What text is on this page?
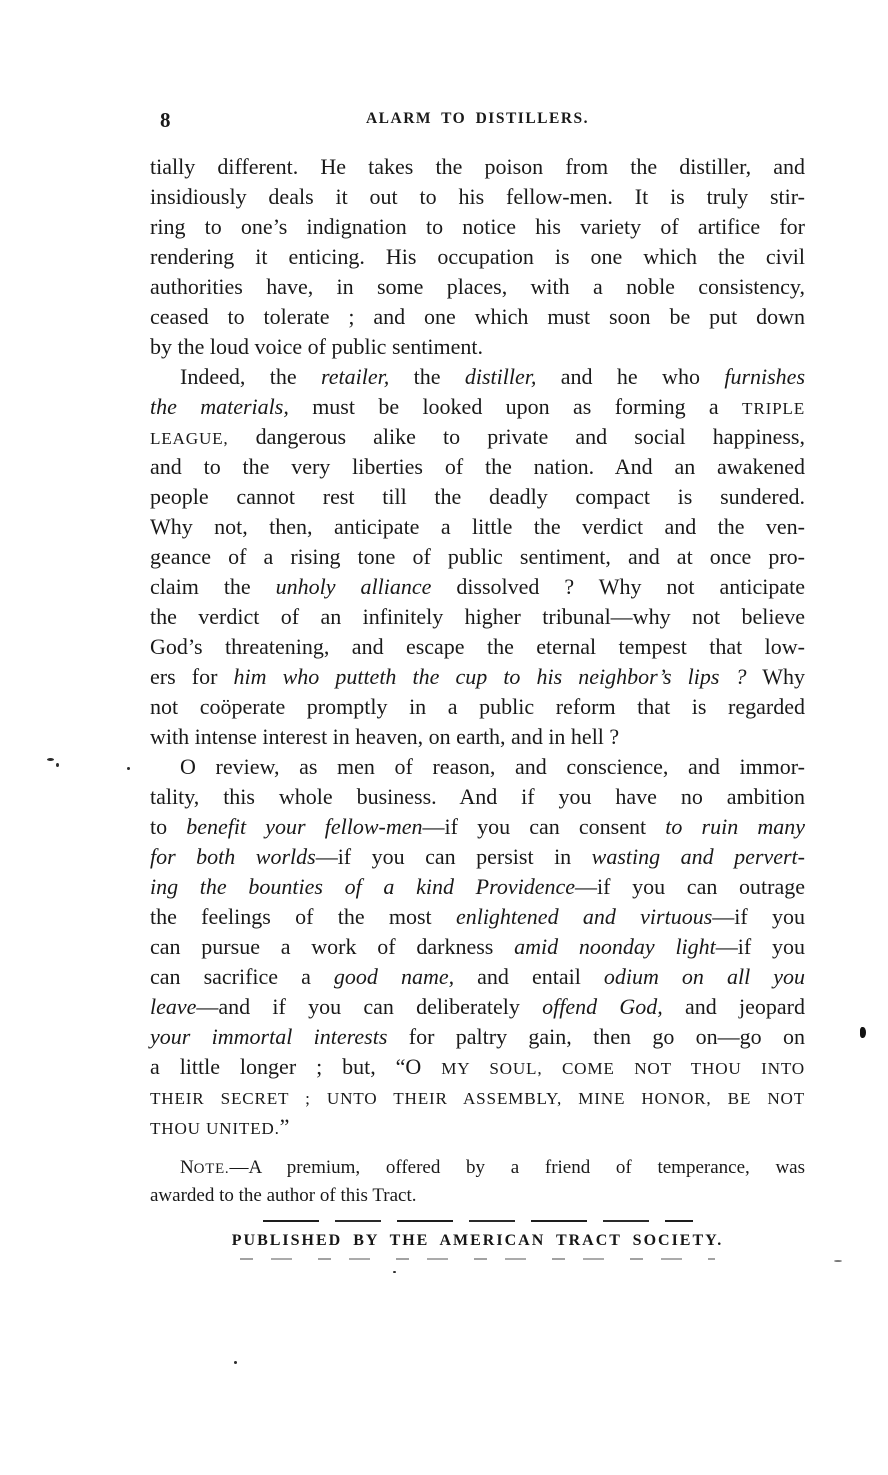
8	ALARM TO DISTILLERS.
tially different. He takes the poison from the distiller, and
insidiously deals it out to his fellow-men. It is truly stir-
ring to one’s indignation to notice his variety of artifice for
rendering it enticing. His occupation is one which the civil
authorities have, in some places, with a noble consistency,
ceased to tolerate ; and one which must soon be put down
by the loud voice of public sentiment.
Indeed, the retailer, the distiller, and he who furnishes
the materials, must be looked upon as forming a TRIPLE
LEAGUE, dangerous alike to private and social happiness,
and to the very liberties of the nation. And an awakened
people cannot rest till the deadly compact is sundered.
Why not, then, anticipate a little the verdict and the ven-
geance of a rising tone of public sentiment, and at once pro-
claim the unholy alliance dissolved ? Why not anticipate
the verdict of an infinitely higher tribunal—why not believe
God’s threatening, and escape the eternal tempest that low-
ers for him who putteth the cup to his neighbor’s lips ? Why
not coöperate promptly in a public reform that is regarded
with intense interest in heaven, on earth, and in hell ?
O review, as men of reason, and conscience, and immor-
tality, this whole business. And if you have no ambition
to benefit your fellow-men—if you can consent to ruin many
for both worlds—if you can persist in wasting and pervert-
ing the bounties of a kind Providence—if you can outrage
the feelings of the most enlightened and virtuous—if you
can pursue a work of darkness amid noonday light—if you
can sacrifice a good name, and entail odium on all you
leave—and if you can deliberately offend God, and jeopard
your immortal interests for paltry gain, then go on—go on
a little longer ; but, “O MY SOUL, COME NOT THOU INTO
THEIR SECRET ; UNTO THEIR ASSEMBLY, MINE HONOR, BE NOT
THOU UNITED.”
NOTE.—A premium, offered by a friend of temperance, was
awarded to the author of this Tract.
PUBLISHED BY THE AMERICAN TRACT SOCIETY.
